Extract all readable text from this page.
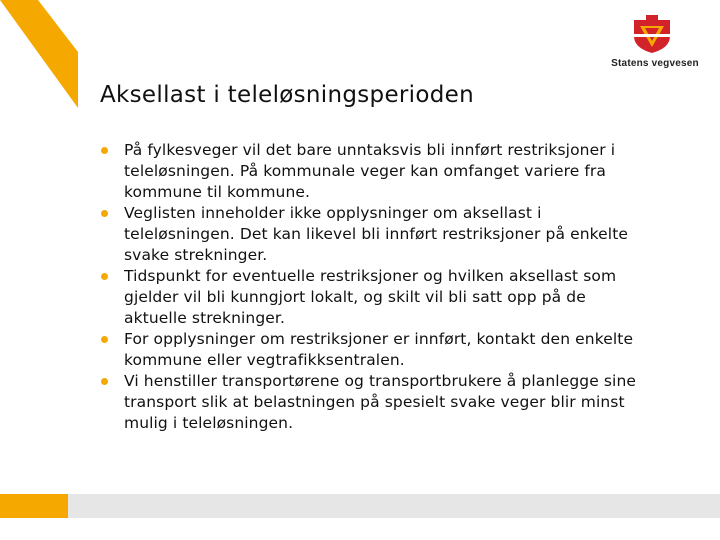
Statens vegvesen
Aksellast i teleløsningsperioden
På fylkesveger vil det bare unntaksvis bli innført restriksjoner i teleløsningen. På kommunale veger kan omfanget variere fra kommune til kommune.
Veglisten inneholder ikke opplysninger om aksellast i teleløsningen. Det kan likevel bli innført restriksjoner på enkelte svake strekninger.
Tidspunkt for eventuelle restriksjoner og hvilken aksellast som gjelder vil bli kunngjort lokalt, og skilt vil bli satt opp på de aktuelle strekninger.
For opplysninger om restriksjoner er innført, kontakt den enkelte kommune eller vegtrafikksentralen.
Vi henstiller transportørene og transportbrukere å planlegge sine transport slik at belastningen på spesielt svake veger blir minst mulig i teleløsningen.
